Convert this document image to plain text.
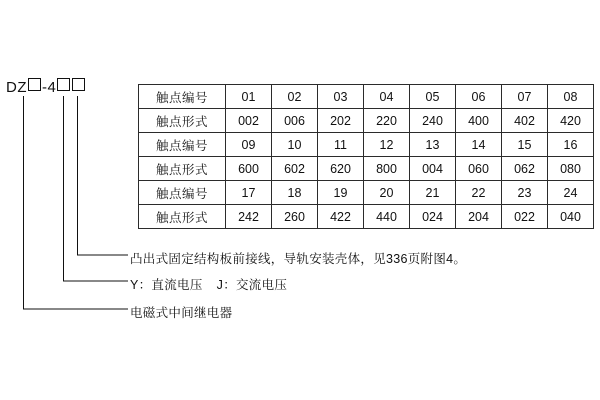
DZ -4
触点编号	01	02	03	04	05	06	07	08
触点形式	002	006	202	220	240	400	402	420
触点编号	09	10	11	12	13	14	15	16
触点形式	600	602	620	800	004	060	062	080
触点编号	17	18	19	20	21	22	23	24
触点形式	242	260	422	440	024	204	022	040
凸出式固定结构板前接线，导轨安装壳体，见336页附图4。
Y：直流电压 J：交流电压
电磁式中间继电器
